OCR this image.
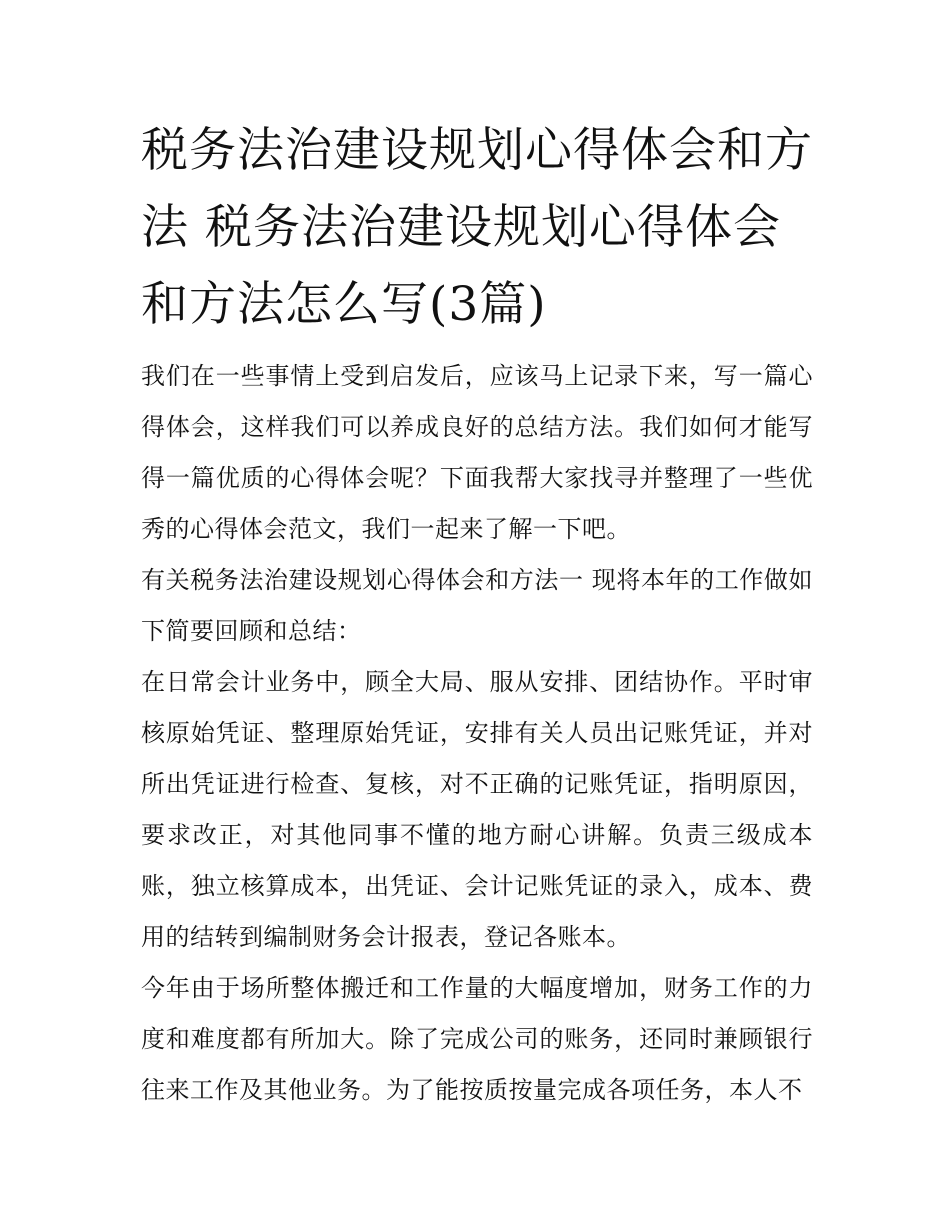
税务法治建设规划心得体会和方法 税务法治建设规划心得体会和方法怎么写(3篇)

我们在一些事情上受到启发后，应该马上记录下来，写一篇心得体会，这样我们可以养成良好的总结方法。我们如何才能写得一篇优质的心得体会呢？下面我帮大家找寻并整理了一些优秀的心得体会范文，我们一起来了解一下吧。

有关税务法治建设规划心得体会和方法一 现将本年的工作做如下简要回顾和总结：

在日常会计业务中，顾全大局、服从安排、团结协作。平时审核原始凭证、整理原始凭证，安排有关人员出记账凭证，并对所出凭证进行检查、复核，对不正确的记账凭证，指明原因，要求改正，对其他同事不懂的地方耐心讲解。负责三级成本账，独立核算成本，出凭证、会计记账凭证的录入，成本、费用的结转到编制财务会计报表，登记各账本。

今年由于场所整体搬迁和工作量的大幅度增加，财务工作的力度和难度都有所加大。除了完成公司的账务，还同时兼顾银行往来工作及其他业务。为了能按质按量完成各项任务，本人不
